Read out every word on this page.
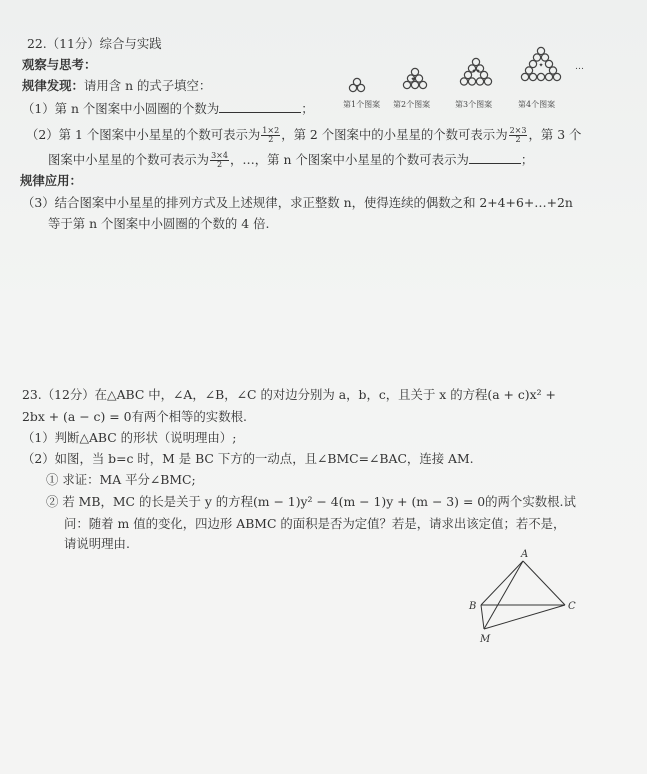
22.（11分）综合与实践
观察与思考：
规律发现：请用含 n 的式子填空：
（1）第 n 个图案中小圆圈的个数为	；
✦
✦
✦
✦	…
第1个图案 第2个图案	第3个图案	第4个图案
（2）第 1 个图案中小星星的个数可表示为 $\frac{1\times 2}{2}$ ，第 2 个图案中的小星星的个数可表示为 $\frac{2\times 3}{2}$ ，第 3 个
图案中小星星的个数可表示为 $\frac{3\times 4}{2}$ ，…，第 n 个图案中小星星的个数可表示为	；
规律应用：
（3）结合图案中小星星的排列方式及上述规律，求正整数 n，使得连续的偶数之和 2+4+6+…+2n
等于第 n 个图案中小圆圈的个数的 4 倍.
23.（12分）在△ABC 中，∠A，∠B，∠C 的对边分别为 a，b，c，且关于 x 的方程(a + c)x² +
2bx + (a − c) = 0有两个相等的实数根.
（1）判断△ABC 的形状（说明理由）;
（2）如图，当 b=c 时，M 是 BC 下方的一动点，且∠BMC=∠BAC，连接 AM.
① 求证：MA 平分∠BMC;
② 若 MB，MC 的长是关于 y 的方程(m − 1)y² − 4(m − 1)y + (m − 3) = 0的两个实数根.试
问：随着 m 值的变化，四边形 ABMC 的面积是否为定值？若是，请求出该定值；若不是，
请说明理由.
A
B	C
M
